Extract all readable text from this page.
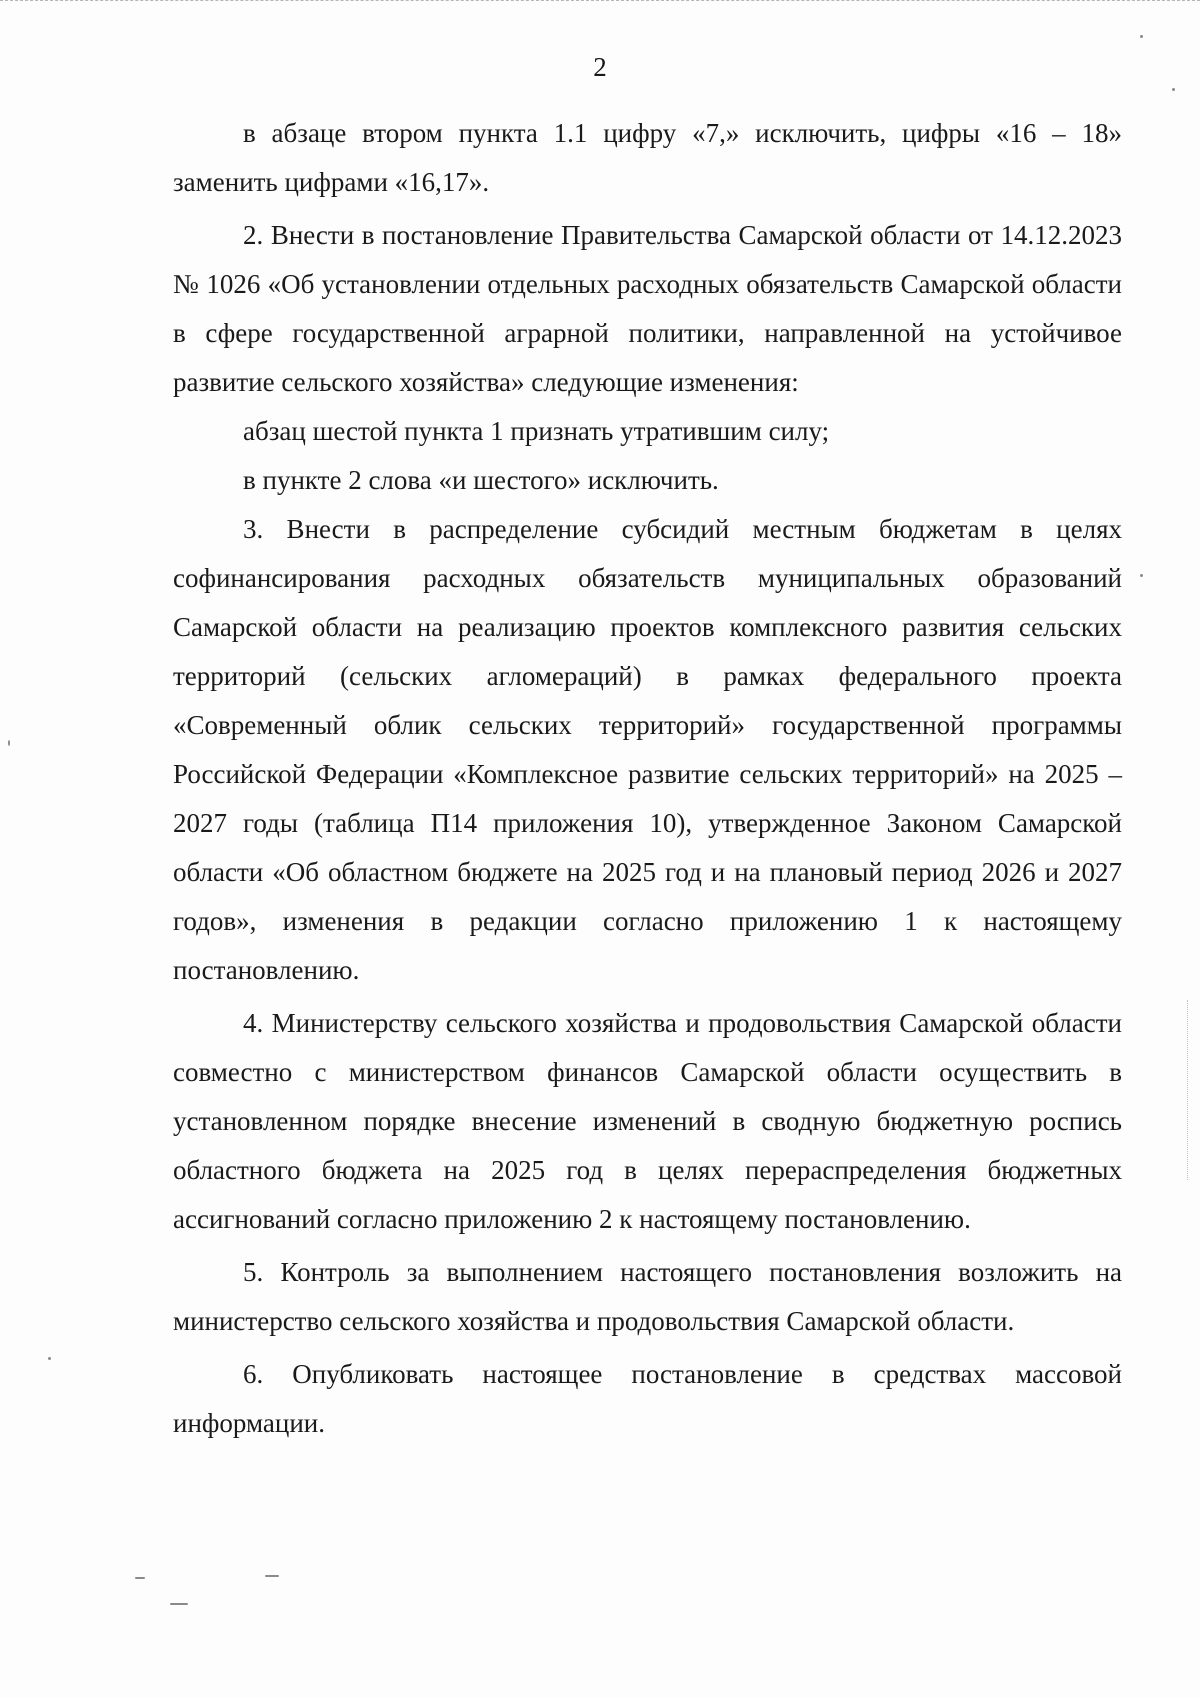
2

в абзаце втором пункта 1.1 цифру «7,» исключить, цифры «16 – 18» заменить цифрами «16,17».

2. Внести в постановление Правительства Самарской области от 14.12.2023 № 1026 «Об установлении отдельных расходных обязательств Самарской области в сфере государственной аграрной политики, направленной на устойчивое развитие сельского хозяйства» следующие изменения:

абзац шестой пункта 1 признать утратившим силу;

в пункте 2 слова «и шестого» исключить.

3. Внести в распределение субсидий местным бюджетам в целях софинансирования расходных обязательств муниципальных образований Самарской области на реализацию проектов комплексного развития сельских территорий (сельских агломераций) в рамках федерального проекта «Современный облик сельских территорий» государственной программы Российской Федерации «Комплексное развитие сельских территорий» на 2025 – 2027 годы (таблица П14 приложения 10), утвержденное Законом Самарской области «Об областном бюджете на 2025 год и на плановый период 2026 и 2027 годов», изменения в редакции согласно приложению 1 к настоящему постановлению.

4. Министерству сельского хозяйства и продовольствия Самарской области совместно с министерством финансов Самарской области осуществить в установленном порядке внесение изменений в сводную бюджетную роспись областного бюджета на 2025 год в целях перераспределения бюджетных ассигнований согласно приложению 2 к настоящему постановлению.

5. Контроль за выполнением настоящего постановления возложить на министерство сельского хозяйства и продовольствия Самарской области.

6. Опубликовать настоящее постановление в средствах массовой информации.
